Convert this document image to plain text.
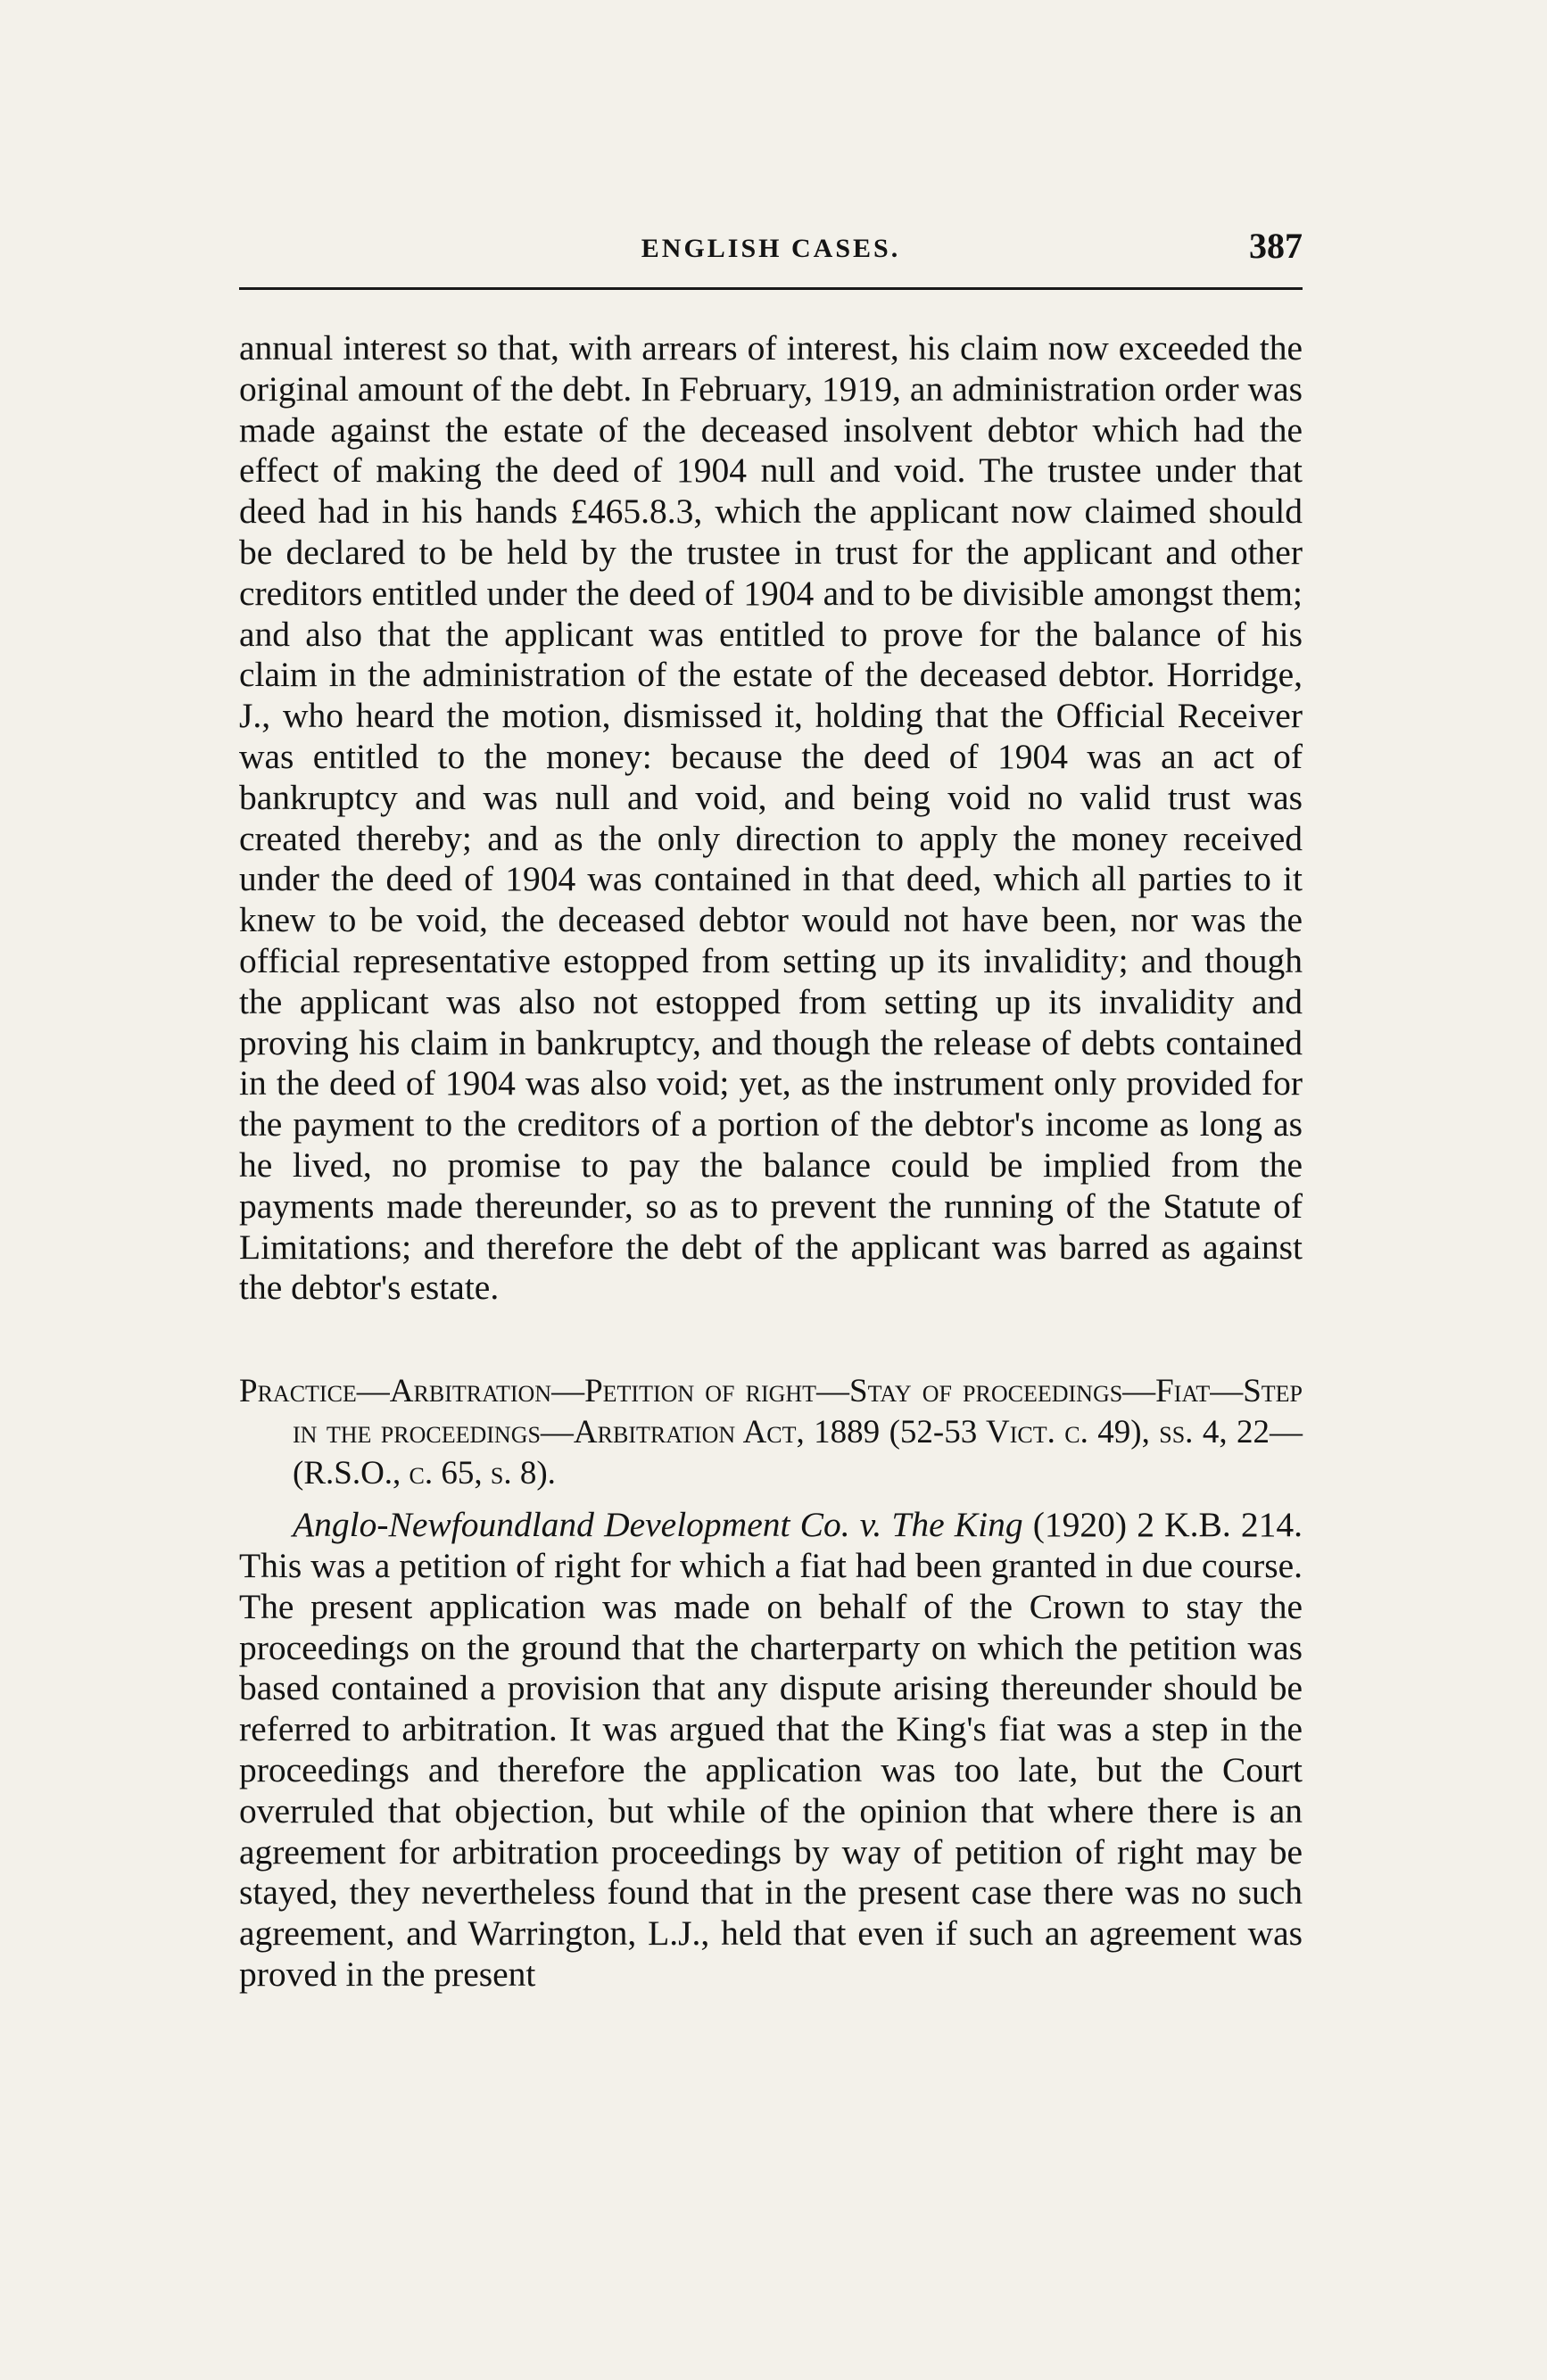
ENGLISH CASES.	387

annual interest so that, with arrears of interest, his claim now exceeded the original amount of the debt. In February, 1919, an administration order was made against the estate of the deceased insolvent debtor which had the effect of making the deed of 1904 null and void. The trustee under that deed had in his hands £465.8.3, which the applicant now claimed should be declared to be held by the trustee in trust for the applicant and other creditors entitled under the deed of 1904 and to be divisible amongst them; and also that the applicant was entitled to prove for the balance of his claim in the administration of the estate of the deceased debtor. Horridge, J., who heard the motion, dismissed it, holding that the Official Receiver was entitled to the money: because the deed of 1904 was an act of bankruptcy and was null and void, and being void no valid trust was created thereby; and as the only direction to apply the money received under the deed of 1904 was contained in that deed, which all parties to it knew to be void, the deceased debtor would not have been, nor was the official representative estopped from setting up its invalidity; and though the applicant was also not estopped from setting up its invalidity and proving his claim in bankruptcy, and though the release of debts contained in the deed of 1904 was also void; yet, as the instrument only provided for the payment to the creditors of a portion of the debtor's income as long as he lived, no promise to pay the balance could be implied from the payments made thereunder, so as to prevent the running of the Statute of Limitations; and therefore the debt of the applicant was barred as against the debtor's estate.

Practice—Arbitration—Petition of right—Stay of proceedings—Fiat—Step in the proceedings—Arbitration Act, 1889 (52-53 Vict. c. 49), ss. 4, 22—(R.S.O., c. 65, s. 8).

Anglo-Newfoundland Development Co. v. The King (1920) 2 K.B. 214. This was a petition of right for which a fiat had been granted in due course. The present application was made on behalf of the Crown to stay the proceedings on the ground that the charterparty on which the petition was based contained a provision that any dispute arising thereunder should be referred to arbitration. It was argued that the King's fiat was a step in the proceedings and therefore the application was too late, but the Court overruled that objection, but while of the opinion that where there is an agreement for arbitration proceedings by way of petition of right may be stayed, they nevertheless found that in the present case there was no such agreement, and Warrington, L.J., held that even if such an agreement was proved in the present
